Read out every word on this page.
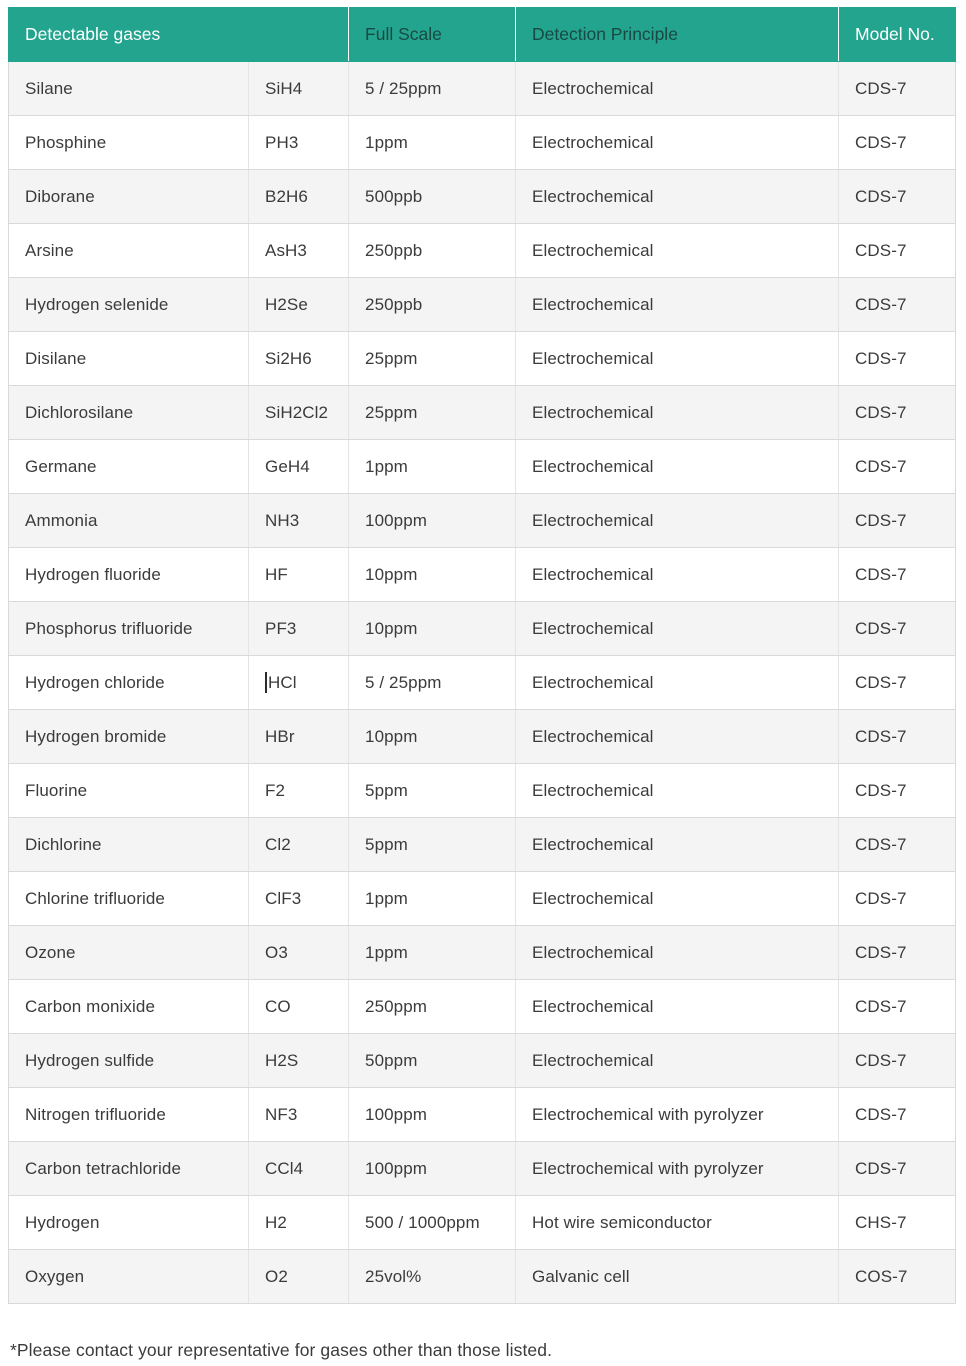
Detectable gases		Full Scale	Detection Principle	Model No.
Silane	SiH4	5 / 25ppm	Electrochemical	CDS-7
Phosphine	PH3	1ppm	Electrochemical	CDS-7
Diborane	B2H6	500ppb	Electrochemical	CDS-7
Arsine	AsH3	250ppb	Electrochemical	CDS-7
Hydrogen selenide	H2Se	250ppb	Electrochemical	CDS-7
Disilane	Si2H6	25ppm	Electrochemical	CDS-7
Dichlorosilane	SiH2Cl2	25ppm	Electrochemical	CDS-7
Germane	GeH4	1ppm	Electrochemical	CDS-7
Ammonia	NH3	100ppm	Electrochemical	CDS-7
Hydrogen fluoride	HF	10ppm	Electrochemical	CDS-7
Phosphorus trifluoride	PF3	10ppm	Electrochemical	CDS-7
Hydrogen chloride	HCl	5 / 25ppm	Electrochemical	CDS-7
Hydrogen bromide	HBr	10ppm	Electrochemical	CDS-7
Fluorine	F2	5ppm	Electrochemical	CDS-7
Dichlorine	Cl2	5ppm	Electrochemical	CDS-7
Chlorine trifluoride	ClF3	1ppm	Electrochemical	CDS-7
Ozone	O3	1ppm	Electrochemical	CDS-7
Carbon monixide	CO	250ppm	Electrochemical	CDS-7
Hydrogen sulfide	H2S	50ppm	Electrochemical	CDS-7
Nitrogen trifluoride	NF3	100ppm	Electrochemical with pyrolyzer	CDS-7
Carbon tetrachloride	CCl4	100ppm	Electrochemical with pyrolyzer	CDS-7
Hydrogen	H2	500 / 1000ppm	Hot wire semiconductor	CHS-7
Oxygen	O2	25vol%	Galvanic cell	COS-7
*Please contact your representative for gases other than those listed.
